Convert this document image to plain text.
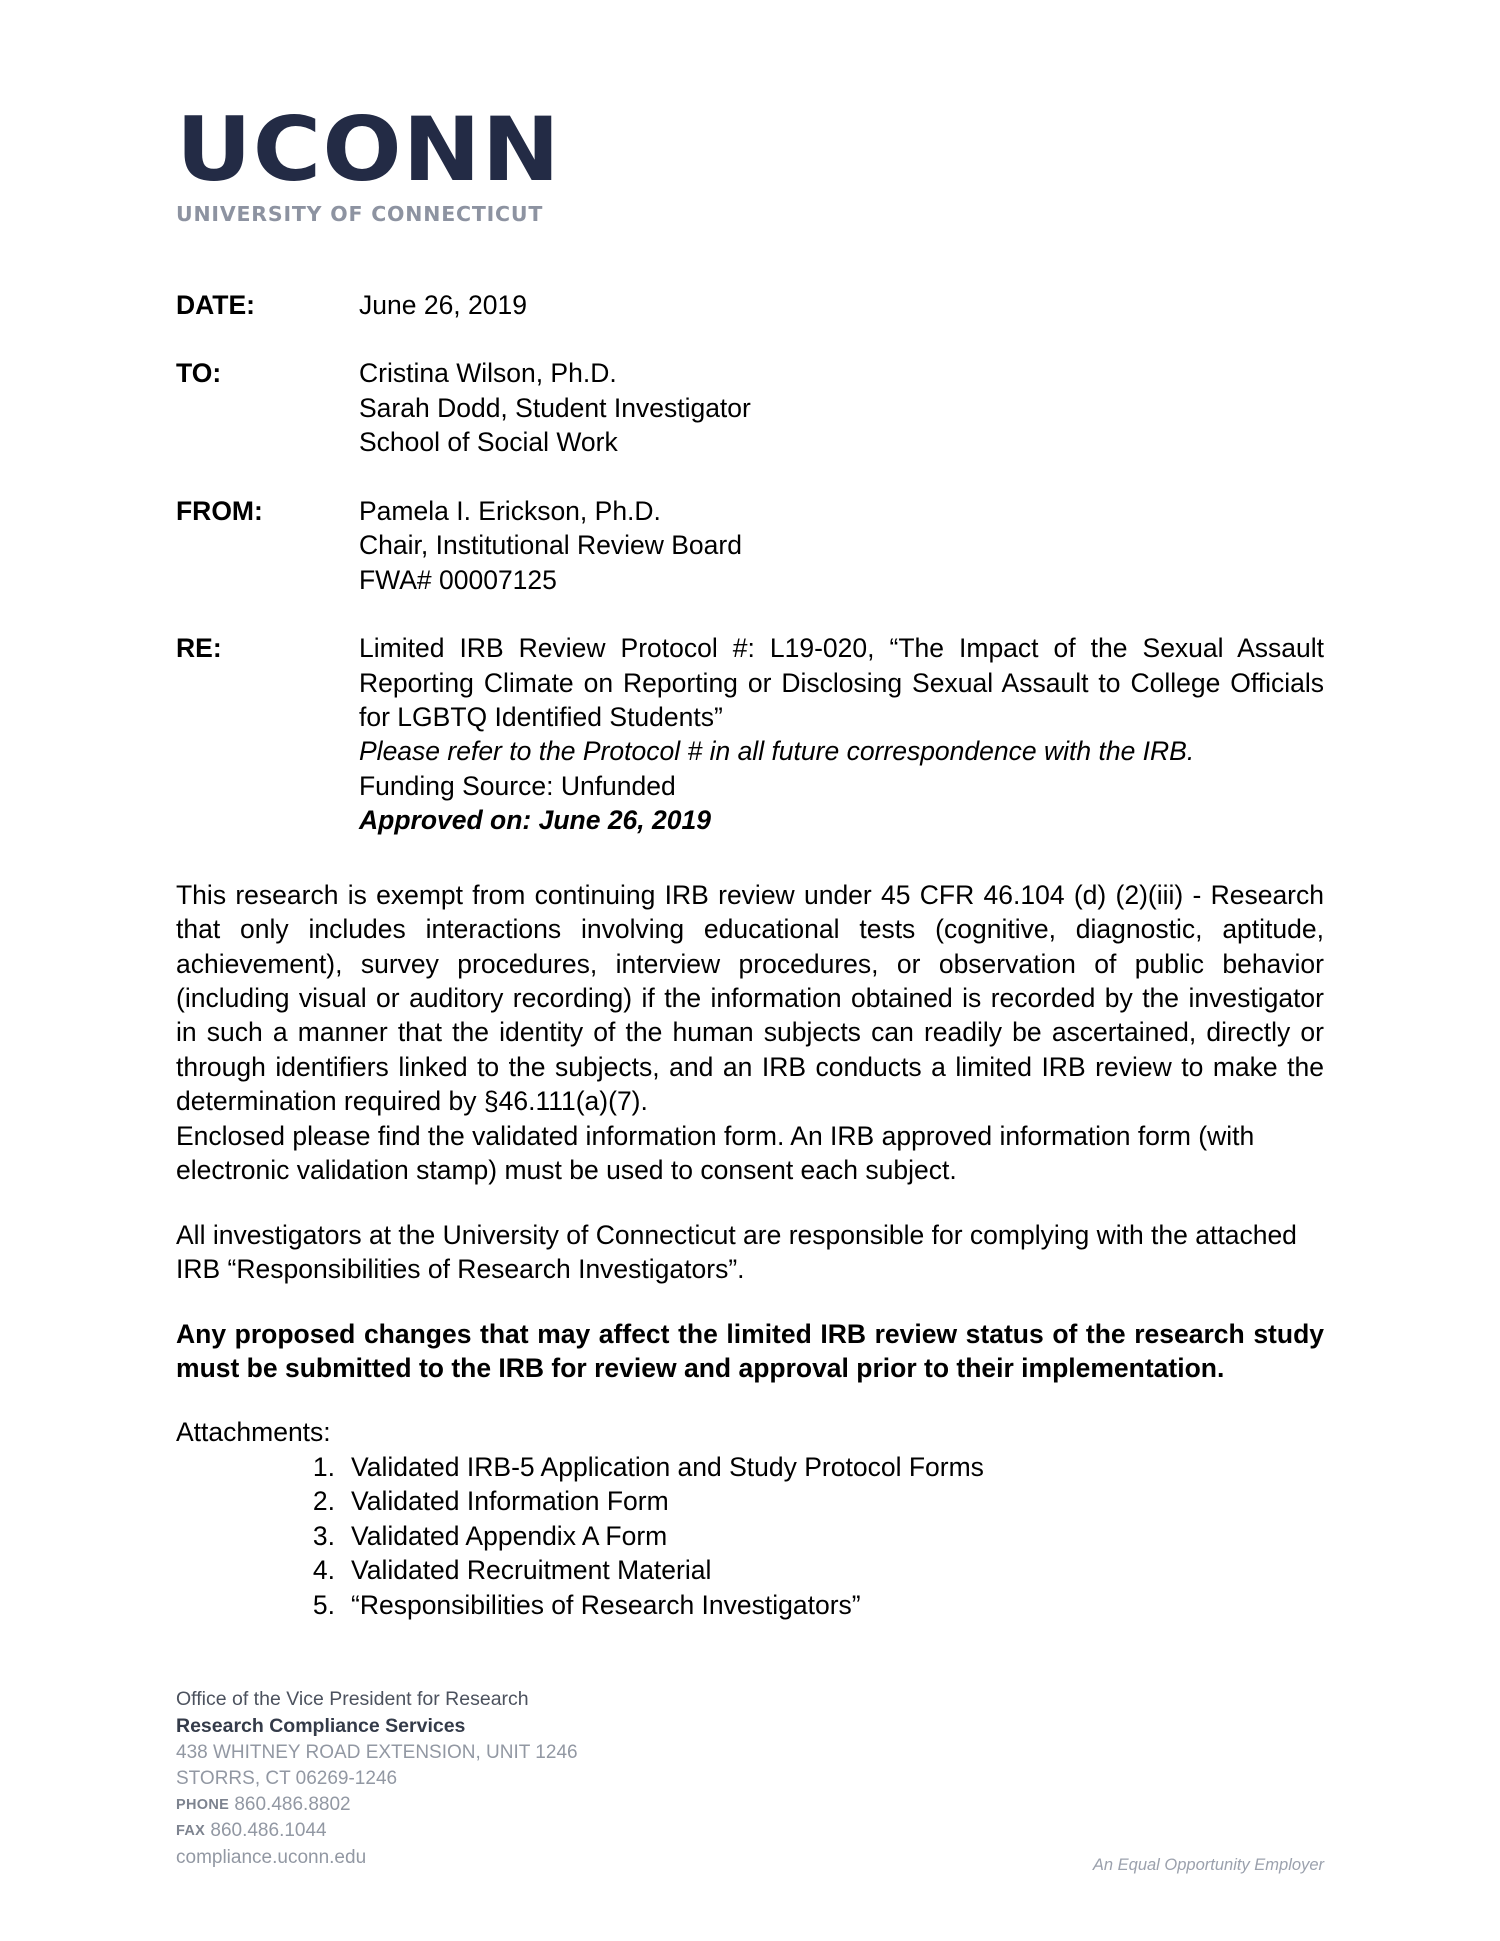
UCONN
UNIVERSITY OF CONNECTICUT
DATE:	June 26, 2019
TO:	Cristina Wilson, Ph.D.
Sarah Dodd, Student Investigator
School of Social Work
FROM:	Pamela I. Erickson, Ph.D.
Chair, Institutional Review Board
FWA# 00007125
RE:	Limited IRB Review Protocol #: L19-020, “The Impact of the Sexual Assault Reporting Climate on Reporting or Disclosing Sexual Assault to College Officials for LGBTQ Identified Students”
Please refer to the Protocol # in all future correspondence with the IRB.
Funding Source: Unfunded
Approved on: June 26, 2019

This research is exempt from continuing IRB review under 45 CFR 46.104 (d) (2)(iii) - Research that only includes interactions involving educational tests (cognitive, diagnostic, aptitude, achievement), survey procedures, interview procedures, or observation of public behavior (including visual or auditory recording) if the information obtained is recorded by the investigator in such a manner that the identity of the human subjects can readily be ascertained, directly or through identifiers linked to the subjects, and an IRB conducts a limited IRB review to make the determination required by §46.111(a)(7).

Enclosed please find the validated information form. An IRB approved information form (with electronic validation stamp) must be used to consent each subject.

All investigators at the University of Connecticut are responsible for complying with the attached IRB “Responsibilities of Research Investigators”.

Any proposed changes that may affect the limited IRB review status of the research study must be submitted to the IRB for review and approval prior to their implementation.

Attachments:

Validated IRB-5 Application and Study Protocol Forms
Validated Information Form
Validated Appendix A Form
Validated Recruitment Material
“Responsibilities of Research Investigators”
Office of the Vice President for Research
Research Compliance Services
438 WHITNEY ROAD EXTENSION, UNIT 1246
STORRS, CT 06269-1246
PHONE 860.486.8802
FAX 860.486.1044
compliance.uconn.edu	An Equal Opportunity Employer
